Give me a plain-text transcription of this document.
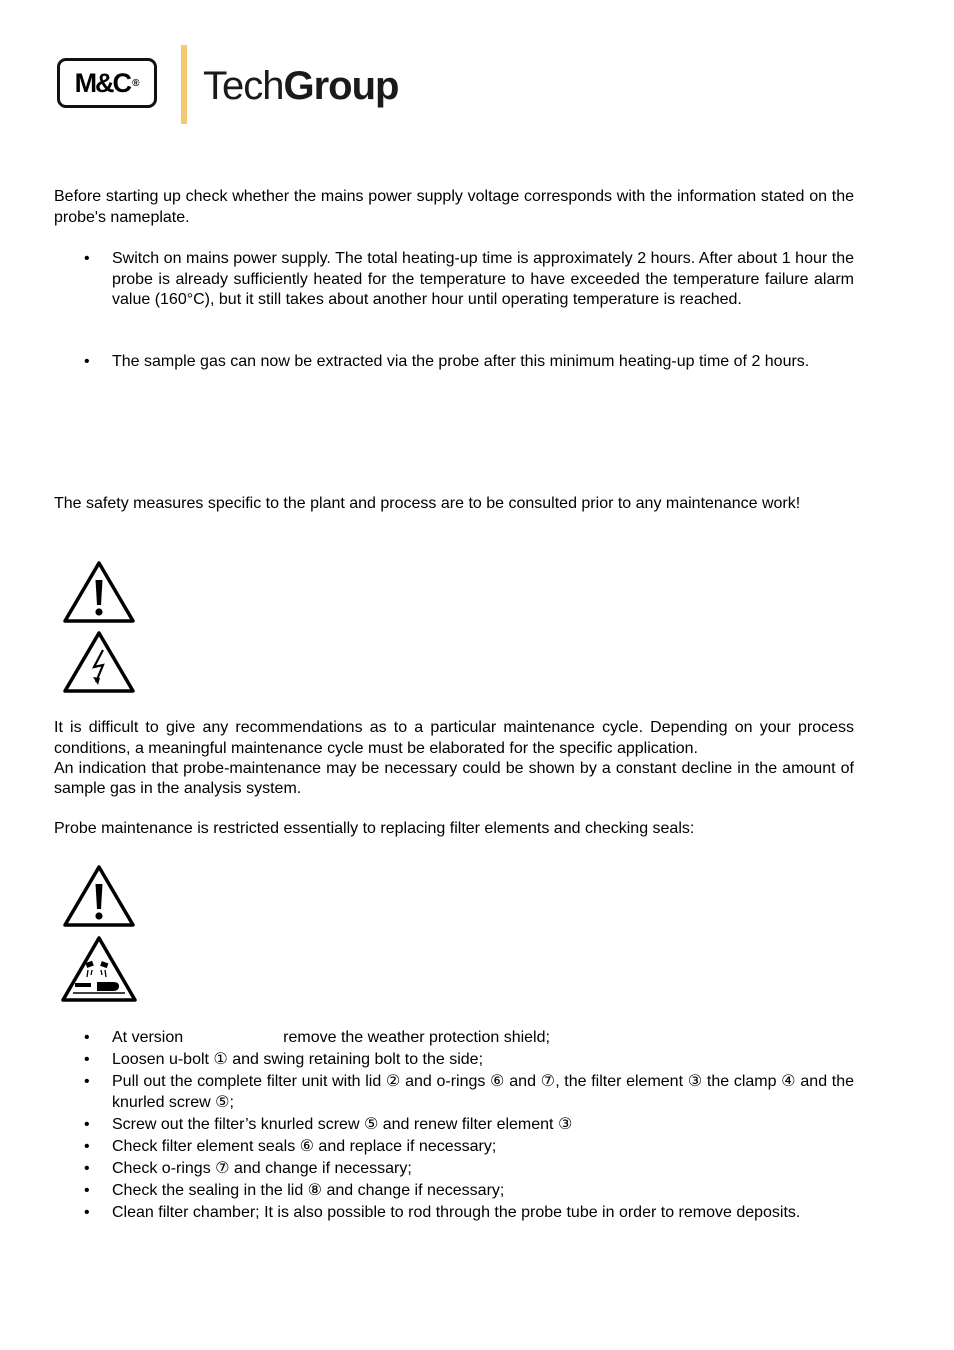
M&C ® TechGroup
Before starting up check whether the mains power supply voltage corresponds with the information stated on the probe's nameplate.
• Switch on mains power supply. The total heating-up time is approximately 2 hours. After about 1 hour the probe is already sufficiently heated for the temperature to have exceeded the temperature failure alarm value (160°C), but it still takes about another hour until operating temperature is reached.
• The sample gas can now be extracted via the probe after this minimum heating-up time of 2 hours.
The safety measures specific to the plant and process are to be consulted prior to any maintenance work!
It is difficult to give any recommendations as to a particular maintenance cycle. Depending on your process conditions, a meaningful maintenance cycle must be elaborated for the specific application.
An indication that probe-maintenance may be necessary could be shown by a constant decline in the amount of sample gas in the analysis system.
Probe maintenance is restricted essentially to replacing filter elements and checking seals:
• At version	remove the weather protection shield;
• Loosen u-bolt ① and swing retaining bolt to the side;
• Pull out the complete filter unit with lid ② and o-rings ⑥ and ⑦, the filter element ③ the clamp ④ and the knurled screw ⑤;
• Screw out the filter’s knurled screw ⑤ and renew filter element ③
• Check filter element seals ⑥ and replace if necessary;
• Check o-rings ⑦ and change if necessary;
• Check the sealing in the lid ⑧ and change if necessary;
• Clean filter chamber; It is also possible to rod through the probe tube in order to remove deposits.
